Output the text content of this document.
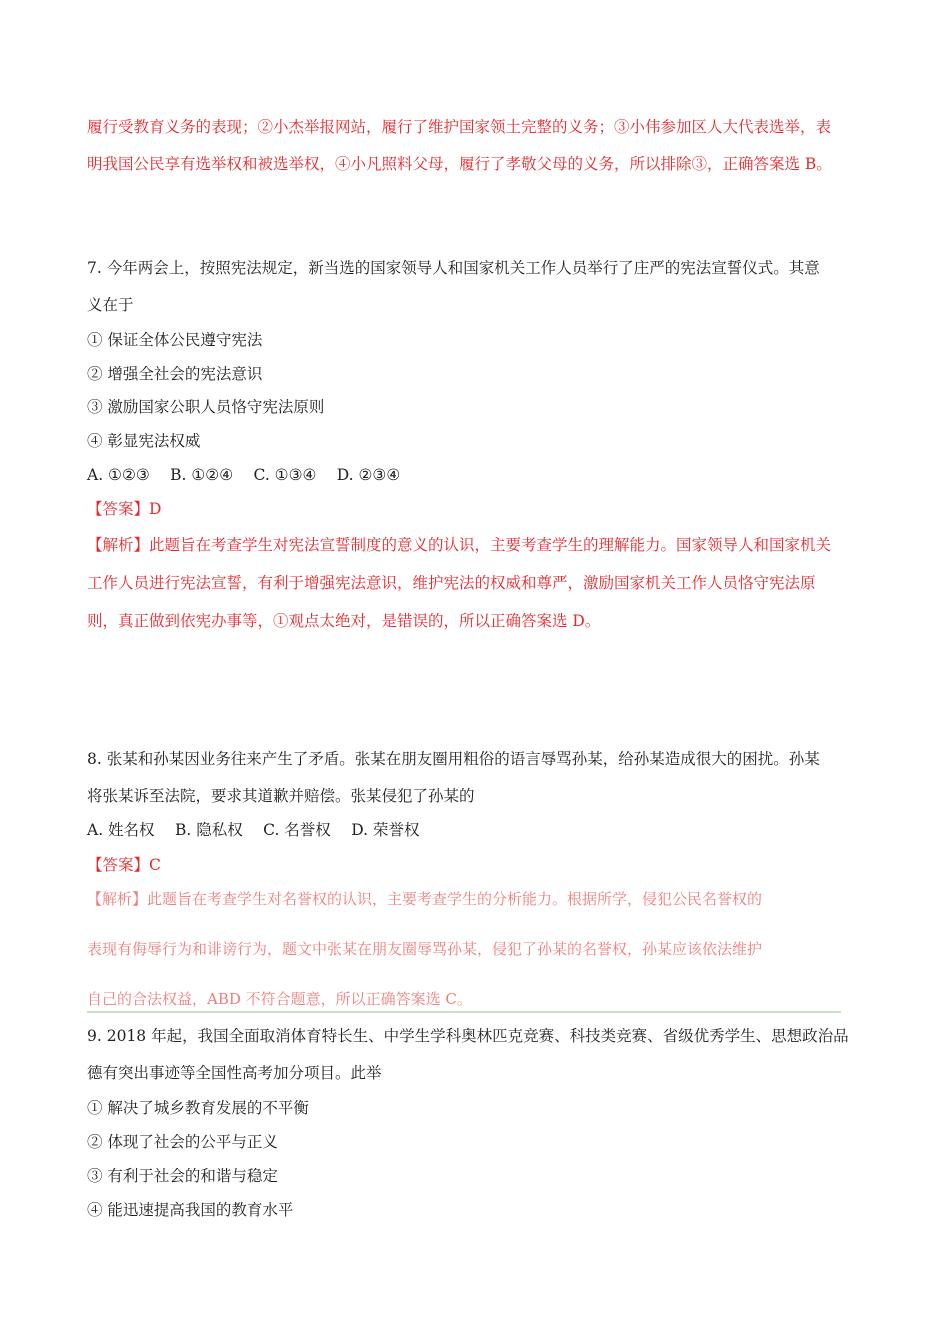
履行受教育义务的表现；②小杰举报网站，履行了维护国家领土完整的义务；③小伟参加区人大代表选举，表
明我国公民享有选举权和被选举权，④小凡照料父母，履行了孝敬父母的义务，所以排除③，正确答案选 B。
7. 今年两会上，按照宪法规定，新当选的国家领导人和国家机关工作人员举行了庄严的宪法宣誓仪式。其意
义在于
① 保证全体公民遵守宪法
② 增强全社会的宪法意识
③ 激励国家公职人员恪守宪法原则
④ 彰显宪法权威
A. ①②③　 B. ①②④　 C. ①③④　 D. ②③④
【答案】D
【解析】此题旨在考查学生对宪法宣誓制度的意义的认识，主要考查学生的理解能力。国家领导人和国家机关
工作人员进行宪法宣誓，有利于增强宪法意识，维护宪法的权威和尊严，激励国家机关工作人员恪守宪法原
则，真正做到依宪办事等，①观点太绝对，是错误的，所以正确答案选 D。
8. 张某和孙某因业务往来产生了矛盾。张某在朋友圈用粗俗的语言辱骂孙某，给孙某造成很大的困扰。孙某
将张某诉至法院，要求其道歉并赔偿。张某侵犯了孙某的
A. 姓名权　 B. 隐私权　 C. 名誉权　 D. 荣誉权
【答案】C
【解析】此题旨在考查学生对名誉权的认识，主要考查学生的分析能力。根据所学，侵犯公民名誉权的
表现有侮辱行为和诽谤行为，题文中张某在朋友圈辱骂孙某，侵犯了孙某的名誉权，孙某应该依法维护
自己的合法权益，ABD 不符合题意，所以正确答案选 C。
9. 2018 年起，我国全面取消体育特长生、中学生学科奥林匹克竞赛、科技类竞赛、省级优秀学生、思想政治品
德有突出事迹等全国性高考加分项目。此举
① 解决了城乡教育发展的不平衡
② 体现了社会的公平与正义
③ 有利于社会的和谐与稳定
④ 能迅速提高我国的教育水平
